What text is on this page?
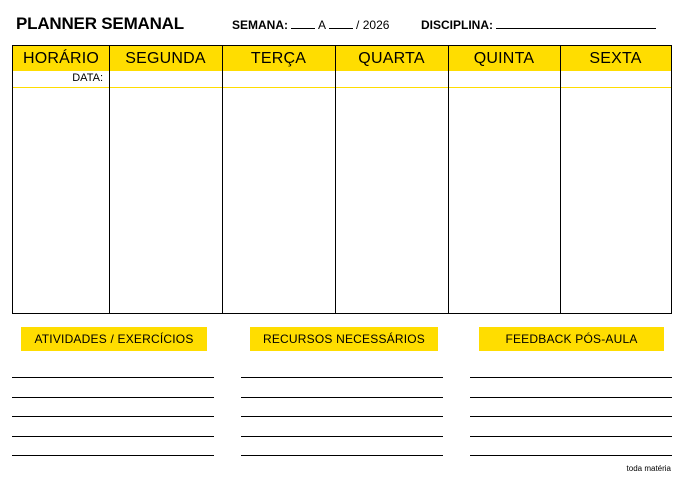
PLANNER SEMANAL	SEMANA:	A	/ 2026	DISCIPLINA:
HORÁRIO	SEGUNDA	TERÇA	QUARTA	QUINTA	SEXTA
DATA:
ATIVIDADES / EXERCÍCIOS	RECURSOS NECESSÁRIOS	FEEDBACK PÓS-AULA
toda matéria
